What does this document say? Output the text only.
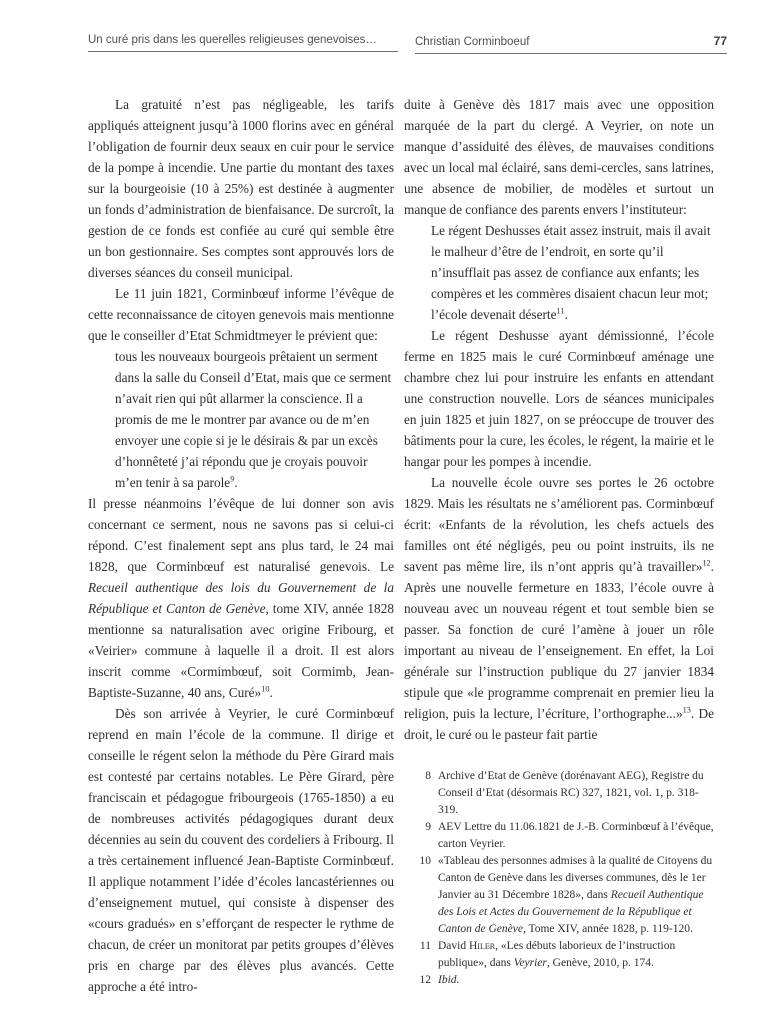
Un curé pris dans les querelles religieuses genevoises…	Christian Corminboeuf	77
La gratuité n’est pas négligeable, les tarifs appliqués atteignent jusqu’à 1000 florins avec en général l’obligation de fournir deux seaux en cuir pour le service de la pompe à incendie. Une partie du montant des taxes sur la bourgeoisie (10 à 25%) est destinée à augmenter un fonds d’administration de bienfaisance. De surcroît, la gestion de ce fonds est confiée au curé qui semble être un bon gestionnaire. Ses comptes sont approuvés lors de diverses séances du conseil municipal.
Le 11 juin 1821, Corminbœuf informe l’évêque de cette reconnaissance de citoyen genevois mais mentionne que le conseiller d’Etat Schmidtmeyer le prévient que:
tous les nouveaux bourgeois prêtaient un serment dans la salle du Conseil d’Etat, mais que ce serment n’avait rien qui pût allarmer la conscience. Il a promis de me le montrer par avance ou de m’en envoyer une copie si je le désirais & par un excès d’honnêteté j’ai répondu que je croyais pouvoir m’en tenir à sa parole$^9$.
Il presse néanmoins l’évêque de lui donner son avis concernant ce serment, nous ne savons pas si celui-ci répond. C’est finalement sept ans plus tard, le 24 mai 1828, que Corminbœuf est naturalisé genevois. Le Recueil authentique des lois du Gouvernement de la République et Canton de Genève, tome XIV, année 1828 mentionne sa naturalisation avec origine Fribourg, et «Veirier» commune à laquelle il a droit. Il est alors inscrit comme «Cormimbœuf, soit Cormimb, Jean-Baptiste-Suzanne, 40 ans, Curé»$^{10}$.
Dès son arrivée à Veyrier, le curé Corminbœuf reprend en main l’école de la commune. Il dirige et conseille le régent selon la méthode du Père Girard mais est contesté par certains notables. Le Père Girard, père franciscain et pédagogue fribourgeois (1765-1850) a eu de nombreuses activités pédagogiques durant deux décennies au sein du couvent des cordeliers à Fribourg. Il a très certainement influencé Jean-Baptiste Corminbœuf. Il applique notamment l’idée d’écoles lancastériennes ou d’enseignement mutuel, qui consiste à dispenser des «cours gradués» en s’efforçant de respecter le rythme de chacun, de créer un monitorat par petits groupes d’élèves pris en charge par des élèves plus avancés. Cette approche a été intro-
duite à Genève dès 1817 mais avec une opposition marquée de la part du clergé. A Veyrier, on note un manque d’assiduité des élèves, de mauvaises conditions avec un local mal éclairé, sans demi-cercles, sans latrines, une absence de mobilier, de modèles et surtout un manque de confiance des parents envers l’instituteur:
Le régent Deshusses était assez instruit, mais il avait le malheur d’être de l’endroit, en sorte qu’il n’insufflait pas assez de confiance aux enfants; les compères et les commères disaient chacun leur mot; l’école devenait déserte$^{11}$.
Le régent Deshusse ayant démissionné, l’école ferme en 1825 mais le curé Corminbœuf aménage une chambre chez lui pour instruire les enfants en attendant une construction nouvelle. Lors de séances municipales en juin 1825 et juin 1827, on se préoccupe de trouver des bâtiments pour la cure, les écoles, le régent, la mairie et le hangar pour les pompes à incendie.
La nouvelle école ouvre ses portes le 26 octobre 1829. Mais les résultats ne s’améliorent pas. Corminbœuf écrit: «Enfants de la révolution, les chefs actuels des familles ont été négligés, peu ou point instruits, ils ne savent pas même lire, ils n’ont appris qu’à travailler»$^{12}$. Après une nouvelle fermeture en 1833, l’école ouvre à nouveau avec un nouveau régent et tout semble bien se passer. Sa fonction de curé l’amène à jouer un rôle important au niveau de l’enseignement. En effet, la Loi générale sur l’instruction publique du 27 janvier 1834 stipule que «le programme comprenait en premier lieu la religion, puis la lecture, l’écriture, l’orthographe...»$^{13}$. De droit, le curé ou le pasteur fait partie
8 Archive d’Etat de Genève (dorénavant AEG), Registre du Conseil d’Etat (désormais RC) 327, 1821, vol. 1, p. 318-319.
9 AEV Lettre du 11.06.1821 de J.-B. Corminbœuf à l’évêque, carton Veyrier.
10 «Tableau des personnes admises à la qualité de Citoyens du Canton de Genève dans les diverses communes, dès le 1er Janvier au 31 Décembre 1828», dans Recueil Authentique des Lois et Actes du Gouvernement de la République et Canton de Genève, Tome XIV, année 1828, p. 119-120.
11 David Hiler, «Les débuts laborieux de l’instruction publique», dans Veyrier, Genève, 2010, p. 174.
12 Ibid.
